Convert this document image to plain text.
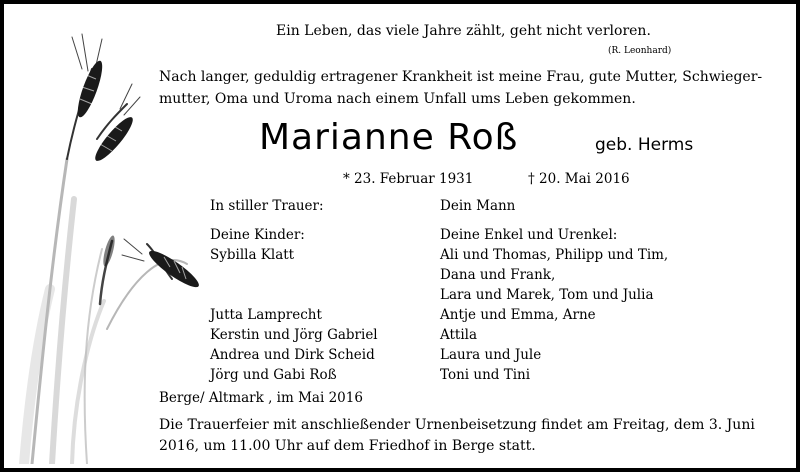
Ein Leben, das viele Jahre zählt, geht nicht verloren.
(R. Leonhard)
Nach langer, geduldig ertragener Krankheit ist meine Frau, gute Mutter, Schwieger-
mutter, Oma und Uroma nach einem Unfall ums Leben gekommen.
Marianne Roß	geb. Herms
* 23. Februar 1931	† 20. Mai 2016
In stiller Trauer:	Dein Mann
Deine Kinder:
Sybilla Klatt
Jutta Lamprecht
Kerstin und Jörg Gabriel
Andrea und Dirk Scheid
Jörg und Gabi Roß
Deine Enkel und Urenkel:
Ali und Thomas, Philipp und Tim,
Dana und Frank,
Lara und Marek, Tom und Julia
Antje und Emma, Arne
Attila
Laura und Jule
Toni und Tini
Berge/ Altmark , im Mai 2016
Die Trauerfeier mit anschließender Urnenbeisetzung findet am Freitag, dem 3. Juni
2016, um 11.00 Uhr auf dem Friedhof in Berge statt.
